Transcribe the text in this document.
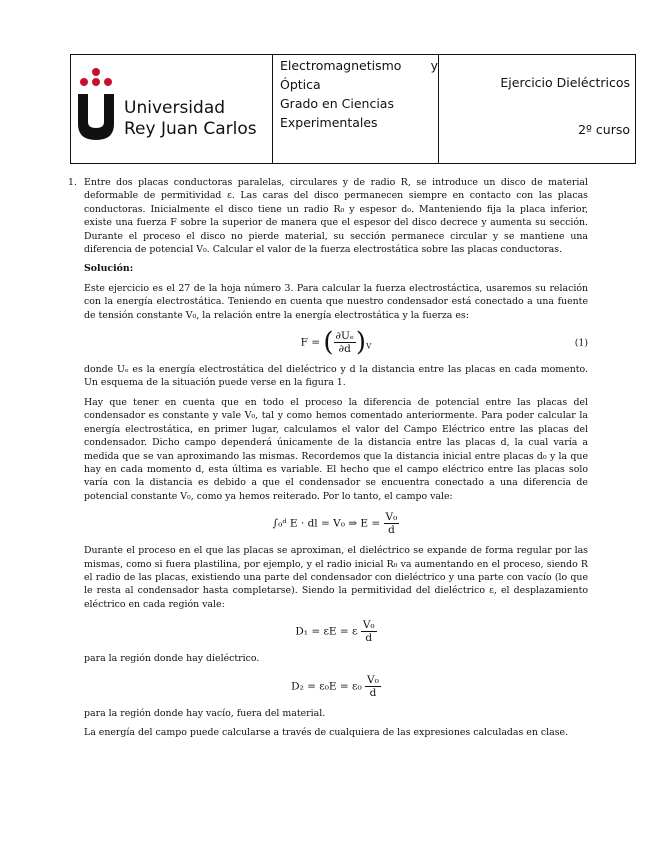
Universidad
Rey Juan Carlos
Electromagnetismo y
Óptica
Grado en Ciencias
Experimentales
Ejercicio Dieléctricos
2º curso
1. Entre dos placas conductoras paralelas, circulares y de radio R, se introduce un disco de material deformable de permitividad ε. Las caras del disco permanecen siempre en contacto con las placas conductoras. Inicialmente el disco tiene un radio R₀ y espesor d₀. Manteniendo fija la placa inferior, existe una fuerza F sobre la superior de manera que el espesor del disco decrece y aumenta su sección. Durante el proceso el disco no pierde material, su sección permanece circular y se mantiene una diferencia de potencial V₀. Calcular el valor de la fuerza electrostática sobre las placas conductoras.

Solución:

Este ejercicio es el 27 de la hoja número 3. Para calcular la fuerza electrostáctica, usaremos su relación con la energía electrostática. Teniendo en cuenta que nuestro condensador está conectado a una fuente de tensión constante V₀, la relación entre la energía electrostática y la fuerza es:

F = ( $\frac{\text{∂Uₑ}}{\partial d} )_V$	(1)

donde Uₑ es la energía electrostática del dieléctrico y d la distancia entre las placas en cada momento. Un esquema de la situación puede verse en la figura 1.

Hay que tener en cuenta que en todo el proceso la diferencia de potencial entre las placas del condensador es constante y vale V₀, tal y como hemos comentado anteriormente. Para poder calcular la energía electrostática, en primer lugar, calculamos el valor del Campo Eléctrico entre las placas del condensador. Dicho campo dependerá únicamente de la distancia entre las placas d, la cual varía a medida que se van aproximando las mismas. Recordemos que la distancia inicial entre placas d₀ y la que hay en cada momento d, esta última es variable. El hecho que el campo eléctrico entre las placas solo varía con la distancia es debido a que el condensador se encuentra conectado a una diferencia de potencial constante V₀, como ya hemos reiterado. Por lo tanto, el campo vale:

∫₀ᵈ E · dl = V₀ ⇒ $E = \frac{\text{V₀}}{d}$

Durante el proceso en el que las placas se aproximan, el dieléctrico se expande de forma regular por las mismas, como si fuera plastilina, por ejemplo, y el radio inicial R₀ va aumentando en el proceso, siendo R el radio de las placas, existiendo una parte del condensador con dieléctrico y una parte con vacío (lo que le resta al condensador hasta completarse). Siendo la permitividad del dieléctrico ε, el desplazamiento eléctrico en cada región vale:

D₁ = εE = ε $\frac{\text{V₀}}{d}$

para la región donde hay dieléctrico.

$D_2 = \varepsilon_0E = \varepsilon_0 \frac{\text{V₀}}{d}$

para la región donde hay vacío, fuera del material.

La energía del campo puede calcularse a través de cualquiera de las expresiones calculadas en clase.
